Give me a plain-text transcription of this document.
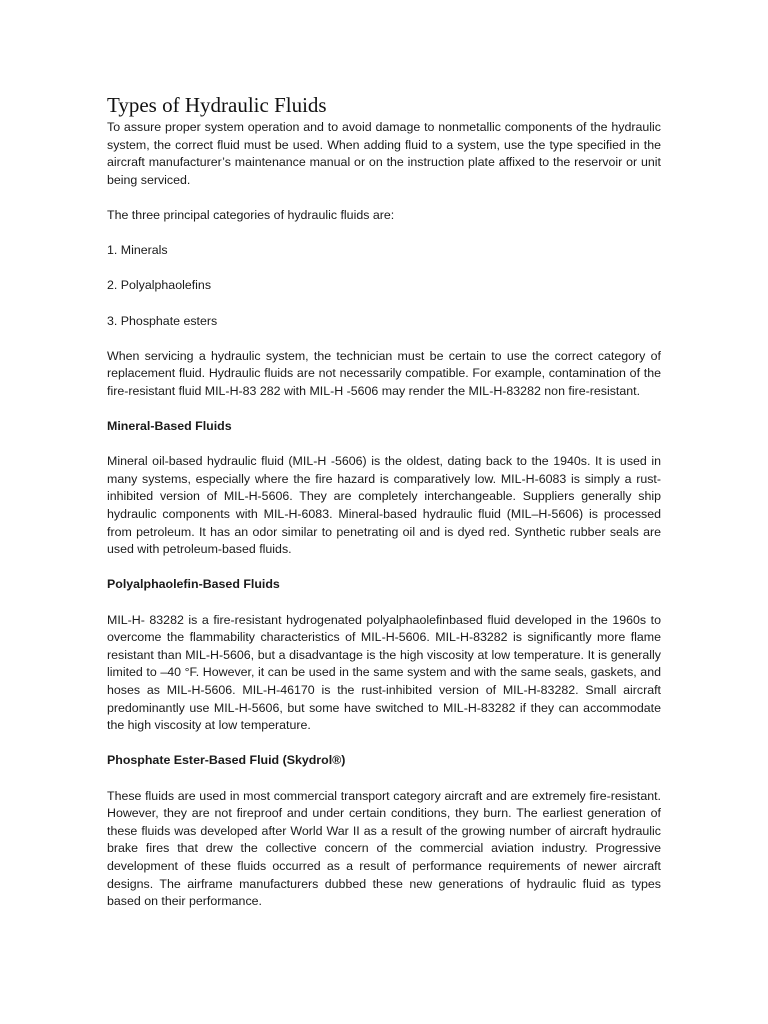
Types of Hydraulic Fluids

To assure proper system operation and to avoid damage to nonmetallic components of the hydraulic system, the correct fluid must be used. When adding fluid to a system, use the type specified in the aircraft manufacturer’s maintenance manual or on the instruction plate affixed to the reservoir or unit being serviced.

The three principal categories of hydraulic fluids are:

1. Minerals
2. Polyalphaolefins
3. Phosphate esters

When servicing a hydraulic system, the technician must be certain to use the correct category of replacement fluid. Hydraulic fluids are not necessarily compatible. For example, contamination of the fire-resistant fluid MIL-H-83 282 with MIL-H -5606 may render the MIL-H-83282 non fire-resistant.

Mineral-Based Fluids

Mineral oil-based hydraulic fluid (MIL-H -5606) is the oldest, dating back to the 1940s. It is used in many systems, especially where the fire hazard is comparatively low. MIL-H-6083 is simply a rust-inhibited version of MIL-H-5606. They are completely interchangeable. Suppliers generally ship hydraulic components with MIL-H-6083. Mineral-based hydraulic fluid (MIL–H-5606) is processed from petroleum. It has an odor similar to penetrating oil and is dyed red. Synthetic rubber seals are used with petroleum-based fluids.

Polyalphaolefin-Based Fluids

MIL-H- 83282 is a fire-resistant hydrogenated polyalphaolefinbased fluid developed in the 1960s to overcome the flammability characteristics of MIL-H-5606. MIL-H-83282 is significantly more flame resistant than MIL-H-5606, but a disadvantage is the high viscosity at low temperature. It is generally limited to –40 °F. However, it can be used in the same system and with the same seals, gaskets, and hoses as MIL-H-5606. MIL-H-46170 is the rust-inhibited version of MIL-H-83282. Small aircraft predominantly use MIL-H-5606, but some have switched to MIL-H-83282 if they can accommodate the high viscosity at low temperature.

Phosphate Ester-Based Fluid (Skydrol®)

These fluids are used in most commercial transport category aircraft and are extremely fire-resistant. However, they are not fireproof and under certain conditions, they burn. The earliest generation of these fluids was developed after World War II as a result of the growing number of aircraft hydraulic brake fires that drew the collective concern of the commercial aviation industry. Progressive development of these fluids occurred as a result of performance requirements of newer aircraft designs. The airframe manufacturers dubbed these new generations of hydraulic fluid as types based on their performance.
